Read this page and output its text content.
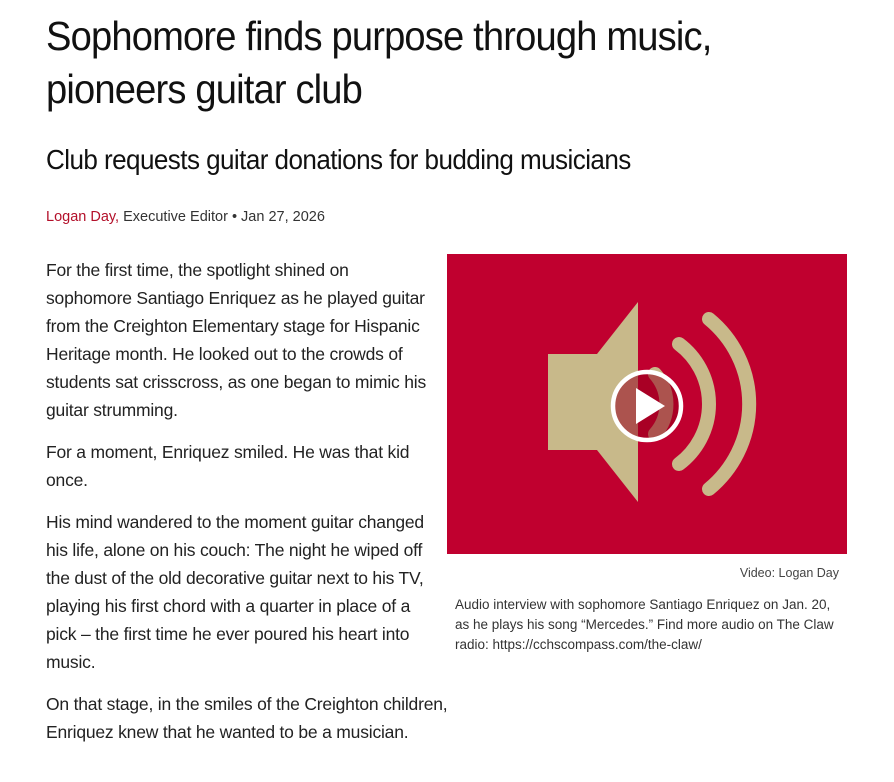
Sophomore finds purpose through music, pioneers guitar club
Club requests guitar donations for budding musicians
Logan Day, Executive Editor • Jan 27, 2026

For the first time, the spotlight shined on sophomore Santiago Enriquez as he played guitar from the Creighton Elementary stage for Hispanic Heritage month. He looked out to the crowds of students sat crisscross, as one began to mimic his guitar strumming.

For a moment, Enriquez smiled. He was that kid once.

His mind wandered to the moment guitar changed his life, alone on his couch: The night he wiped off the dust of the old decorative guitar next to his TV, playing his first chord with a quarter in place of a pick – the first time he ever poured his heart into music.

On that stage, in the smiles of the Creighton children, Enriquez knew that he wanted to be a musician.

Video: Logan Day
Audio interview with sophomore Santiago Enriquez on Jan. 20, as he plays his song “Mercedes.” Find more audio on The Claw radio: https://cchscompass.com/the-claw/
